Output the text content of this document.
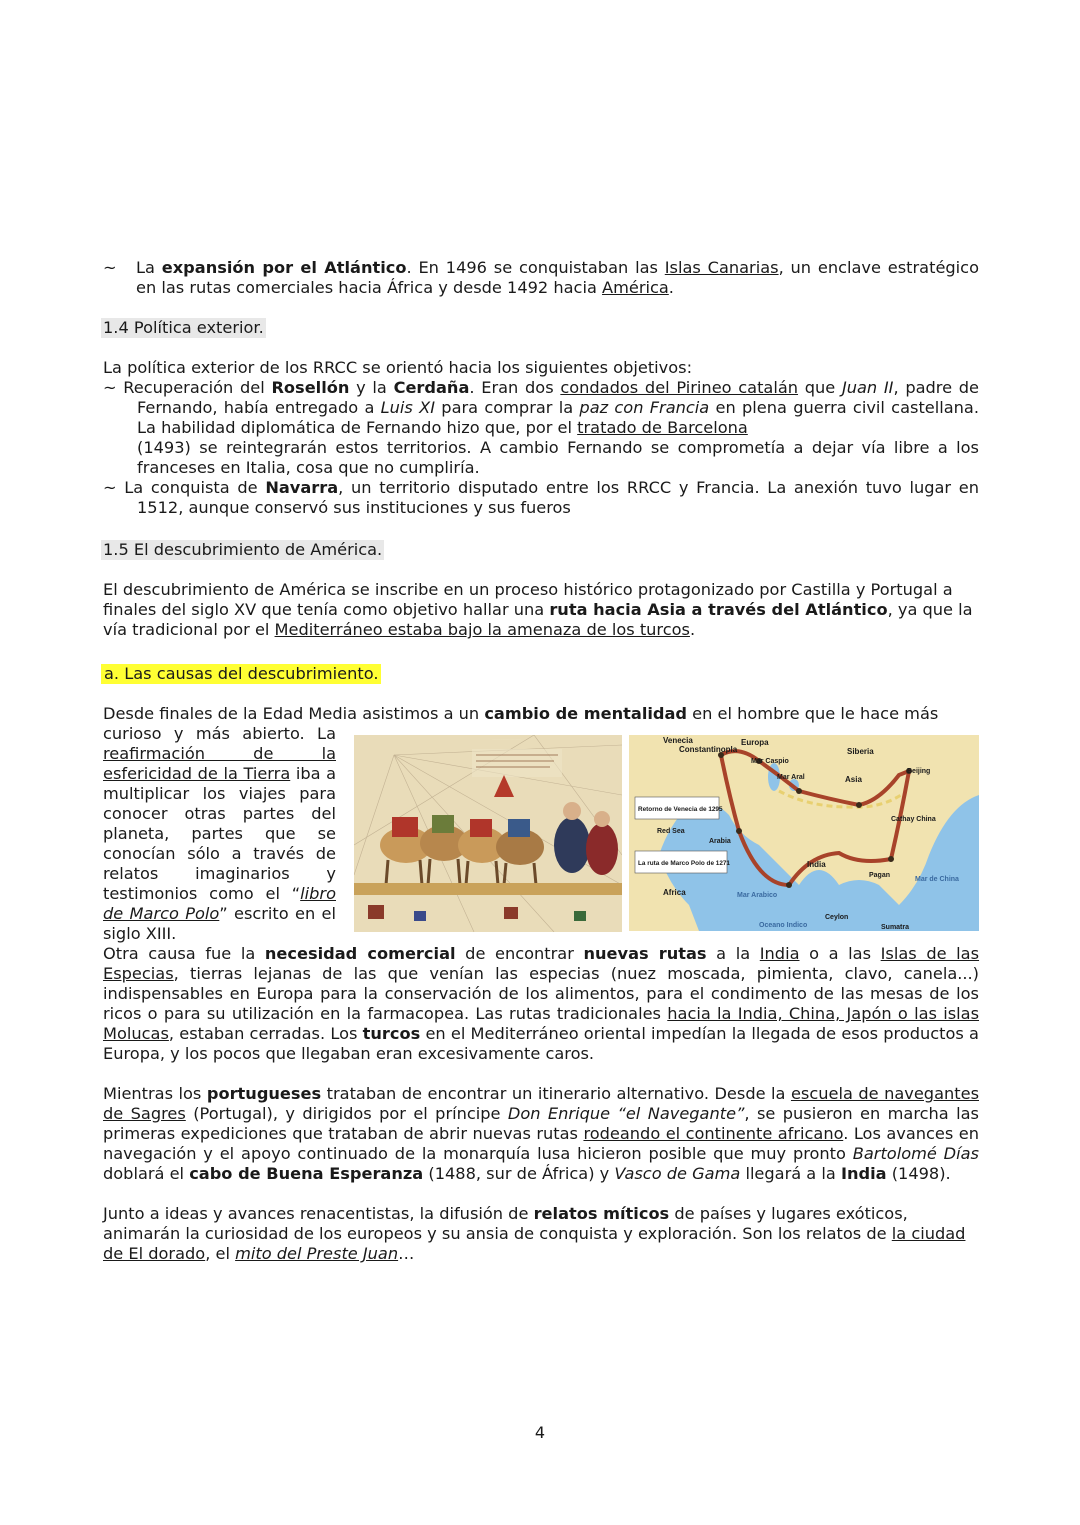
~ La expansión por el Atlántico. En 1496 se conquistaban las Islas Canarias, un enclave estratégico en las rutas comerciales hacia África y desde 1492 hacia América.

1.4 Política exterior.

La política exterior de los RRCC se orientó hacia los siguientes objetivos:

~ Recuperación del Rosellón y la Cerdaña. Eran dos condados del Pirineo catalán que Juan II, padre de Fernando, había entregado a Luis XI para comprar la paz con Francia en plena guerra civil castellana. La habilidad diplomática de Fernando hizo que, por el tratado de Barcelona
(1493) se reintegrarán estos territorios. A cambio Fernando se comprometía a dejar vía libre a los franceses en Italia, cosa que no cumpliría.

~ La conquista de Navarra, un territorio disputado entre los RRCC y Francia. La anexión tuvo lugar en 1512, aunque conservó sus instituciones y sus fueros

1.5 El descubrimiento de América.

El descubrimiento de América se inscribe en un proceso histórico protagonizado por Castilla y Portugal a finales del siglo XV que tenía como objetivo hallar una ruta hacia Asia a través del Atlántico, ya que la vía tradicional por el Mediterráneo estaba bajo la amenaza de los turcos.

a. Las causas del descubrimiento.

Desde finales de la Edad Media asistimos a un cambio de mentalidad en el hombre que le hace más

curioso y más abierto. La reafirmación de la esfericidad de la Tierra iba a multiplicar los viajes para conocer otras partes del planeta, partes que se conocían sólo a través de relatos imaginarios y testimonios como el “libro de Marco Polo” escrito en el siglo XIII.

Aquella caravana con mercaderías de oriente a occidente	Venecia
Constantinopla
Europa
Siberia
Mar Caspio
Mar Aral	Asia
Beijing
Cathay China
Red Sea
Arabia
India
Pagan
Mar de China
Africa	Mar Arabico
Ceylon
Oceano Indico	Sumatra
Retorno de Venecia de 1295
La ruta de Marco Polo de 1271

Otra causa fue la necesidad comercial de encontrar nuevas rutas a la India o a las Islas de las Especias, tierras lejanas de las que venían las especias (nuez moscada, pimienta, clavo, canela...) indispensables en Europa para la conservación de los alimentos, para el condimento de las mesas de los ricos o para su utilización en la farmacopea. Las rutas tradicionales hacia la India, China, Japón o las islas Molucas, estaban cerradas. Los turcos en el Mediterráneo oriental impedían la llegada de esos productos a Europa, y los pocos que llegaban eran excesivamente caros.

Mientras los portugueses trataban de encontrar un itinerario alternativo. Desde la escuela de navegantes de Sagres (Portugal), y dirigidos por el príncipe Don Enrique “el Navegante”, se pusieron en marcha las primeras expediciones que trataban de abrir nuevas rutas rodeando el continente africano. Los avances en navegación y el apoyo continuado de la monarquía lusa hicieron posible que muy pronto Bartolomé Días doblará el cabo de Buena Esperanza (1488, sur de África) y Vasco de Gama llegará a la India (1498).

Junto a ideas y avances renacentistas, la difusión de relatos míticos de países y lugares exóticos, animarán la curiosidad de los europeos y su ansia de conquista y exploración. Son los relatos de la ciudad de El dorado, el mito del Preste Juan…

4
